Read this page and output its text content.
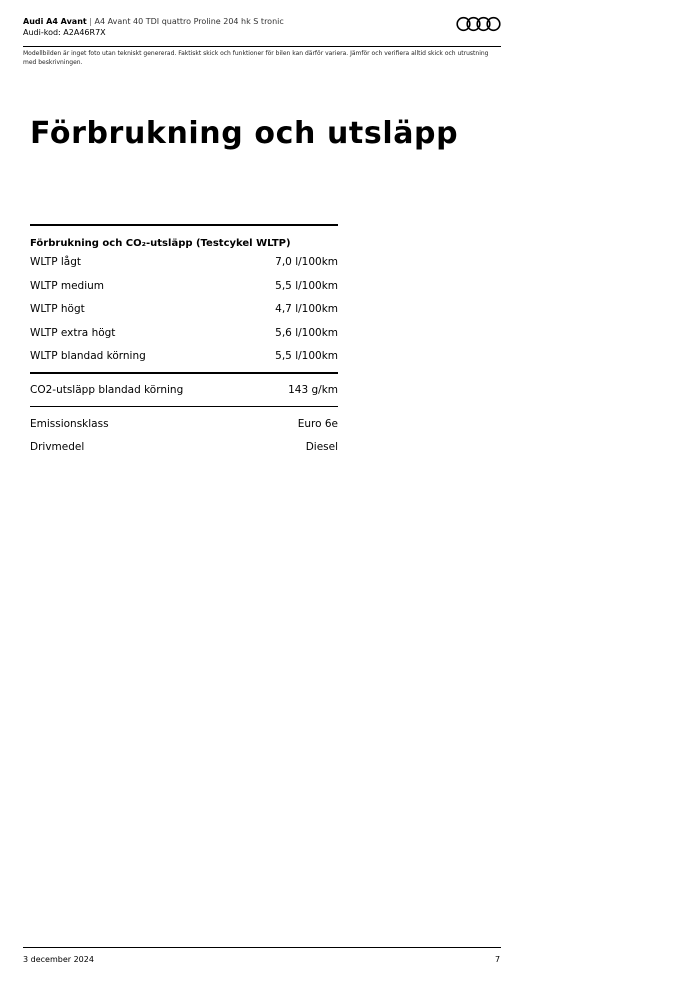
Audi A4 Avant | A4 Avant 40 TDI quattro Proline 204 hk S tronic
Audi-kod: A2A46R7X
Modellbilden är inget foto utan tekniskt genererad. Faktiskt skick och funktioner för bilen kan därför variera. Jämför och verifiera alltid skick och utrustning med beskrivningen.
Förbrukning och utsläpp
Förbrukning och CO₂-utsläpp (Testcykel WLTP)
WLTP lågt	7,0 l/100km
WLTP medium	5,5 l/100km
WLTP högt	4,7 l/100km
WLTP extra högt	5,6 l/100km
WLTP blandad körning	5,5 l/100km
CO2-utsläpp blandad körning	143 g/km
Emissionsklass	Euro 6e
Drivmedel	Diesel
3 december 2024	7
